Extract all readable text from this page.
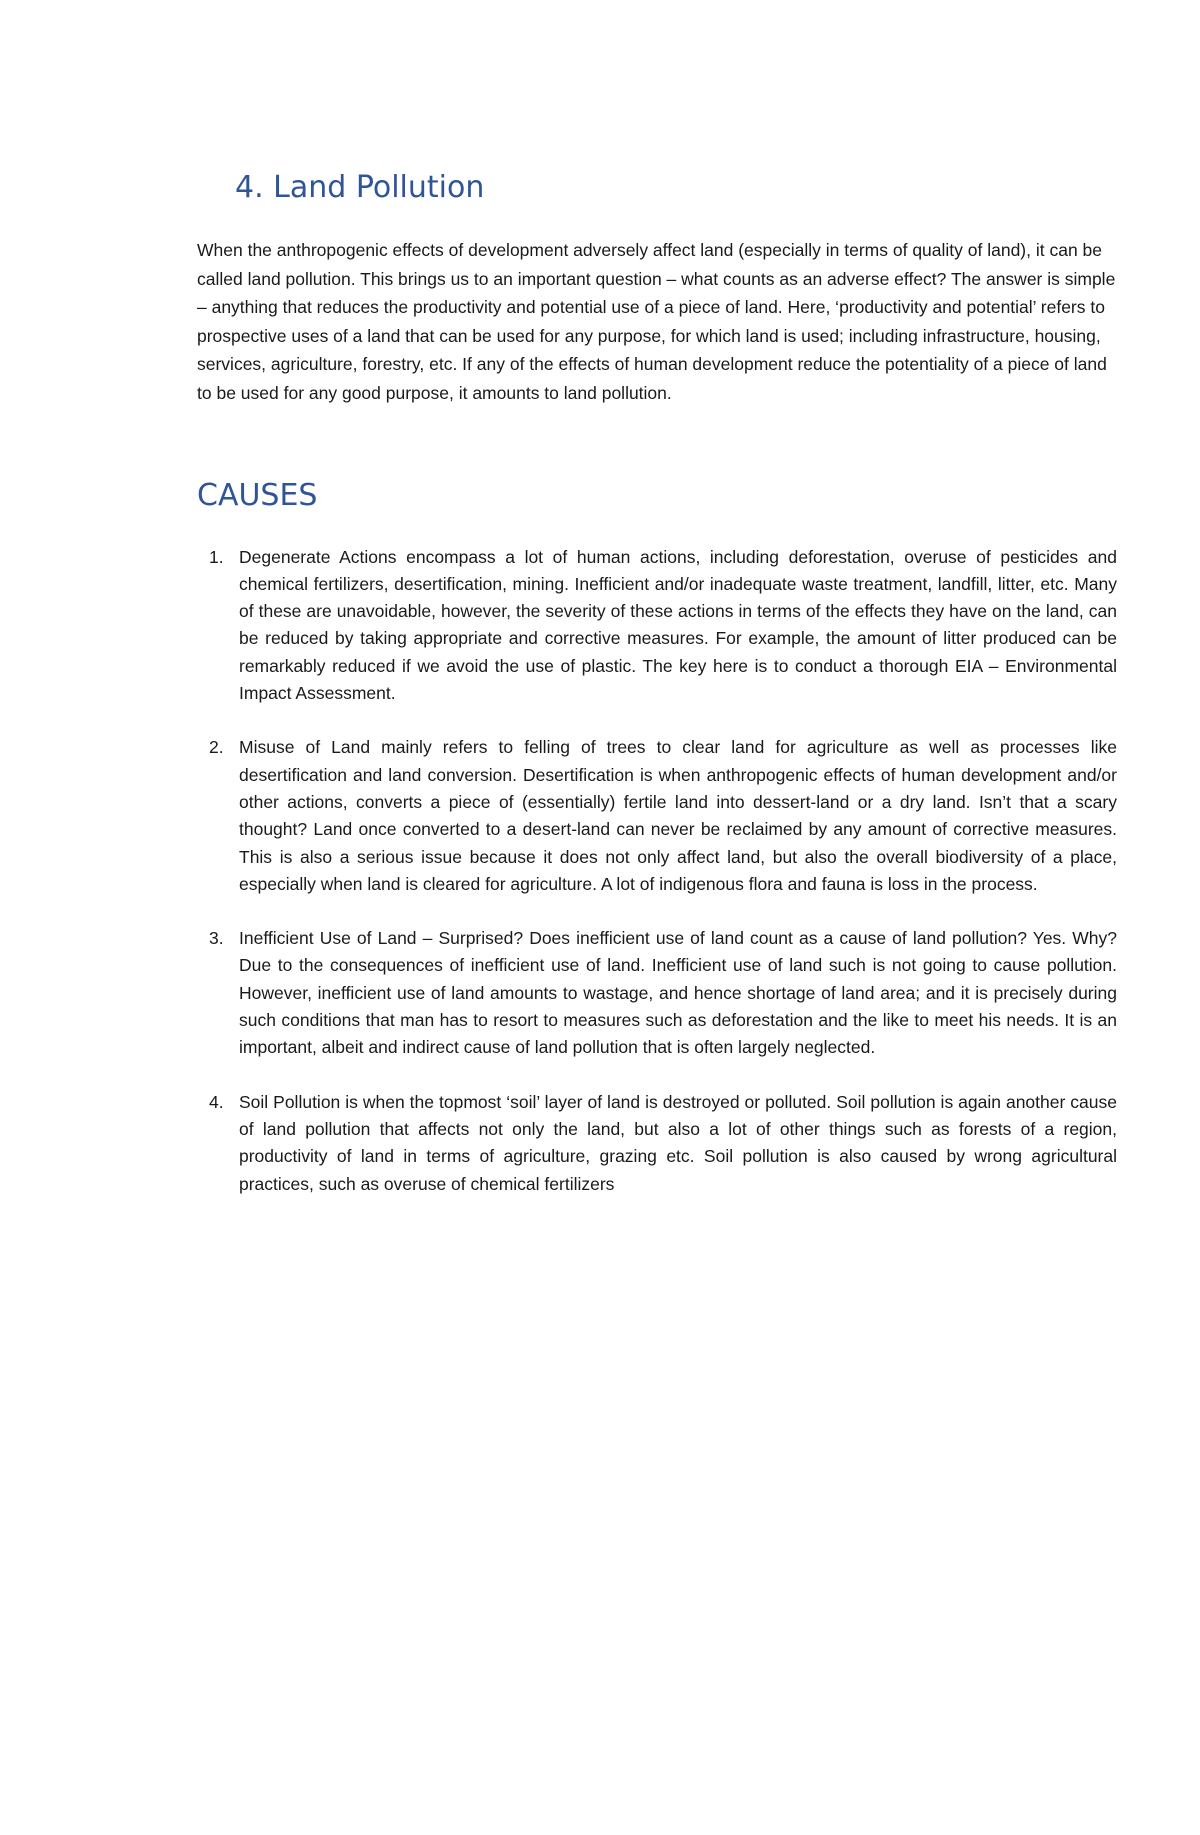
4. Land Pollution

When the anthropogenic effects of development adversely affect land (especially in terms of quality of land), it can be called land pollution. This brings us to an important question – what counts as an adverse effect? The answer is simple – anything that reduces the productivity and potential use of a piece of land. Here, ‘productivity and potential’ refers to prospective uses of a land that can be used for any purpose, for which land is used; including infrastructure, housing, services, agriculture, forestry, etc. If any of the effects of human development reduce the potentiality of a piece of land to be used for any good purpose, it amounts to land pollution.

CAUSES
1. Degenerate Actions encompass a lot of human actions, including deforestation, overuse of pesticides and chemical fertilizers, desertification, mining. Inefficient and/or inadequate waste treatment, landfill, litter, etc. Many of these are unavoidable, however, the severity of these actions in terms of the effects they have on the land, can be reduced by taking appropriate and corrective measures. For example, the amount of litter produced can be remarkably reduced if we avoid the use of plastic. The key here is to conduct a thorough EIA – Environmental Impact Assessment.
2. Misuse of Land mainly refers to felling of trees to clear land for agriculture as well as processes like desertification and land conversion. Desertification is when anthropogenic effects of human development and/or other actions, converts a piece of (essentially) fertile land into dessert-land or a dry land. Isn’t that a scary thought? Land once converted to a desert-land can never be reclaimed by any amount of corrective measures. This is also a serious issue because it does not only affect land, but also the overall biodiversity of a place, especially when land is cleared for agriculture. A lot of indigenous flora and fauna is loss in the process.
3. Inefficient Use of Land – Surprised? Does inefficient use of land count as a cause of land pollution? Yes. Why? Due to the consequences of inefficient use of land. Inefficient use of land such is not going to cause pollution. However, inefficient use of land amounts to wastage, and hence shortage of land area; and it is precisely during such conditions that man has to resort to measures such as deforestation and the like to meet his needs. It is an important, albeit and indirect cause of land pollution that is often largely neglected.
4. Soil Pollution is when the topmost ‘soil’ layer of land is destroyed or polluted. Soil pollution is again another cause of land pollution that affects not only the land, but also a lot of other things such as forests of a region, productivity of land in terms of agriculture, grazing etc. Soil pollution is also caused by wrong agricultural practices, such as overuse of chemical fertilizers
